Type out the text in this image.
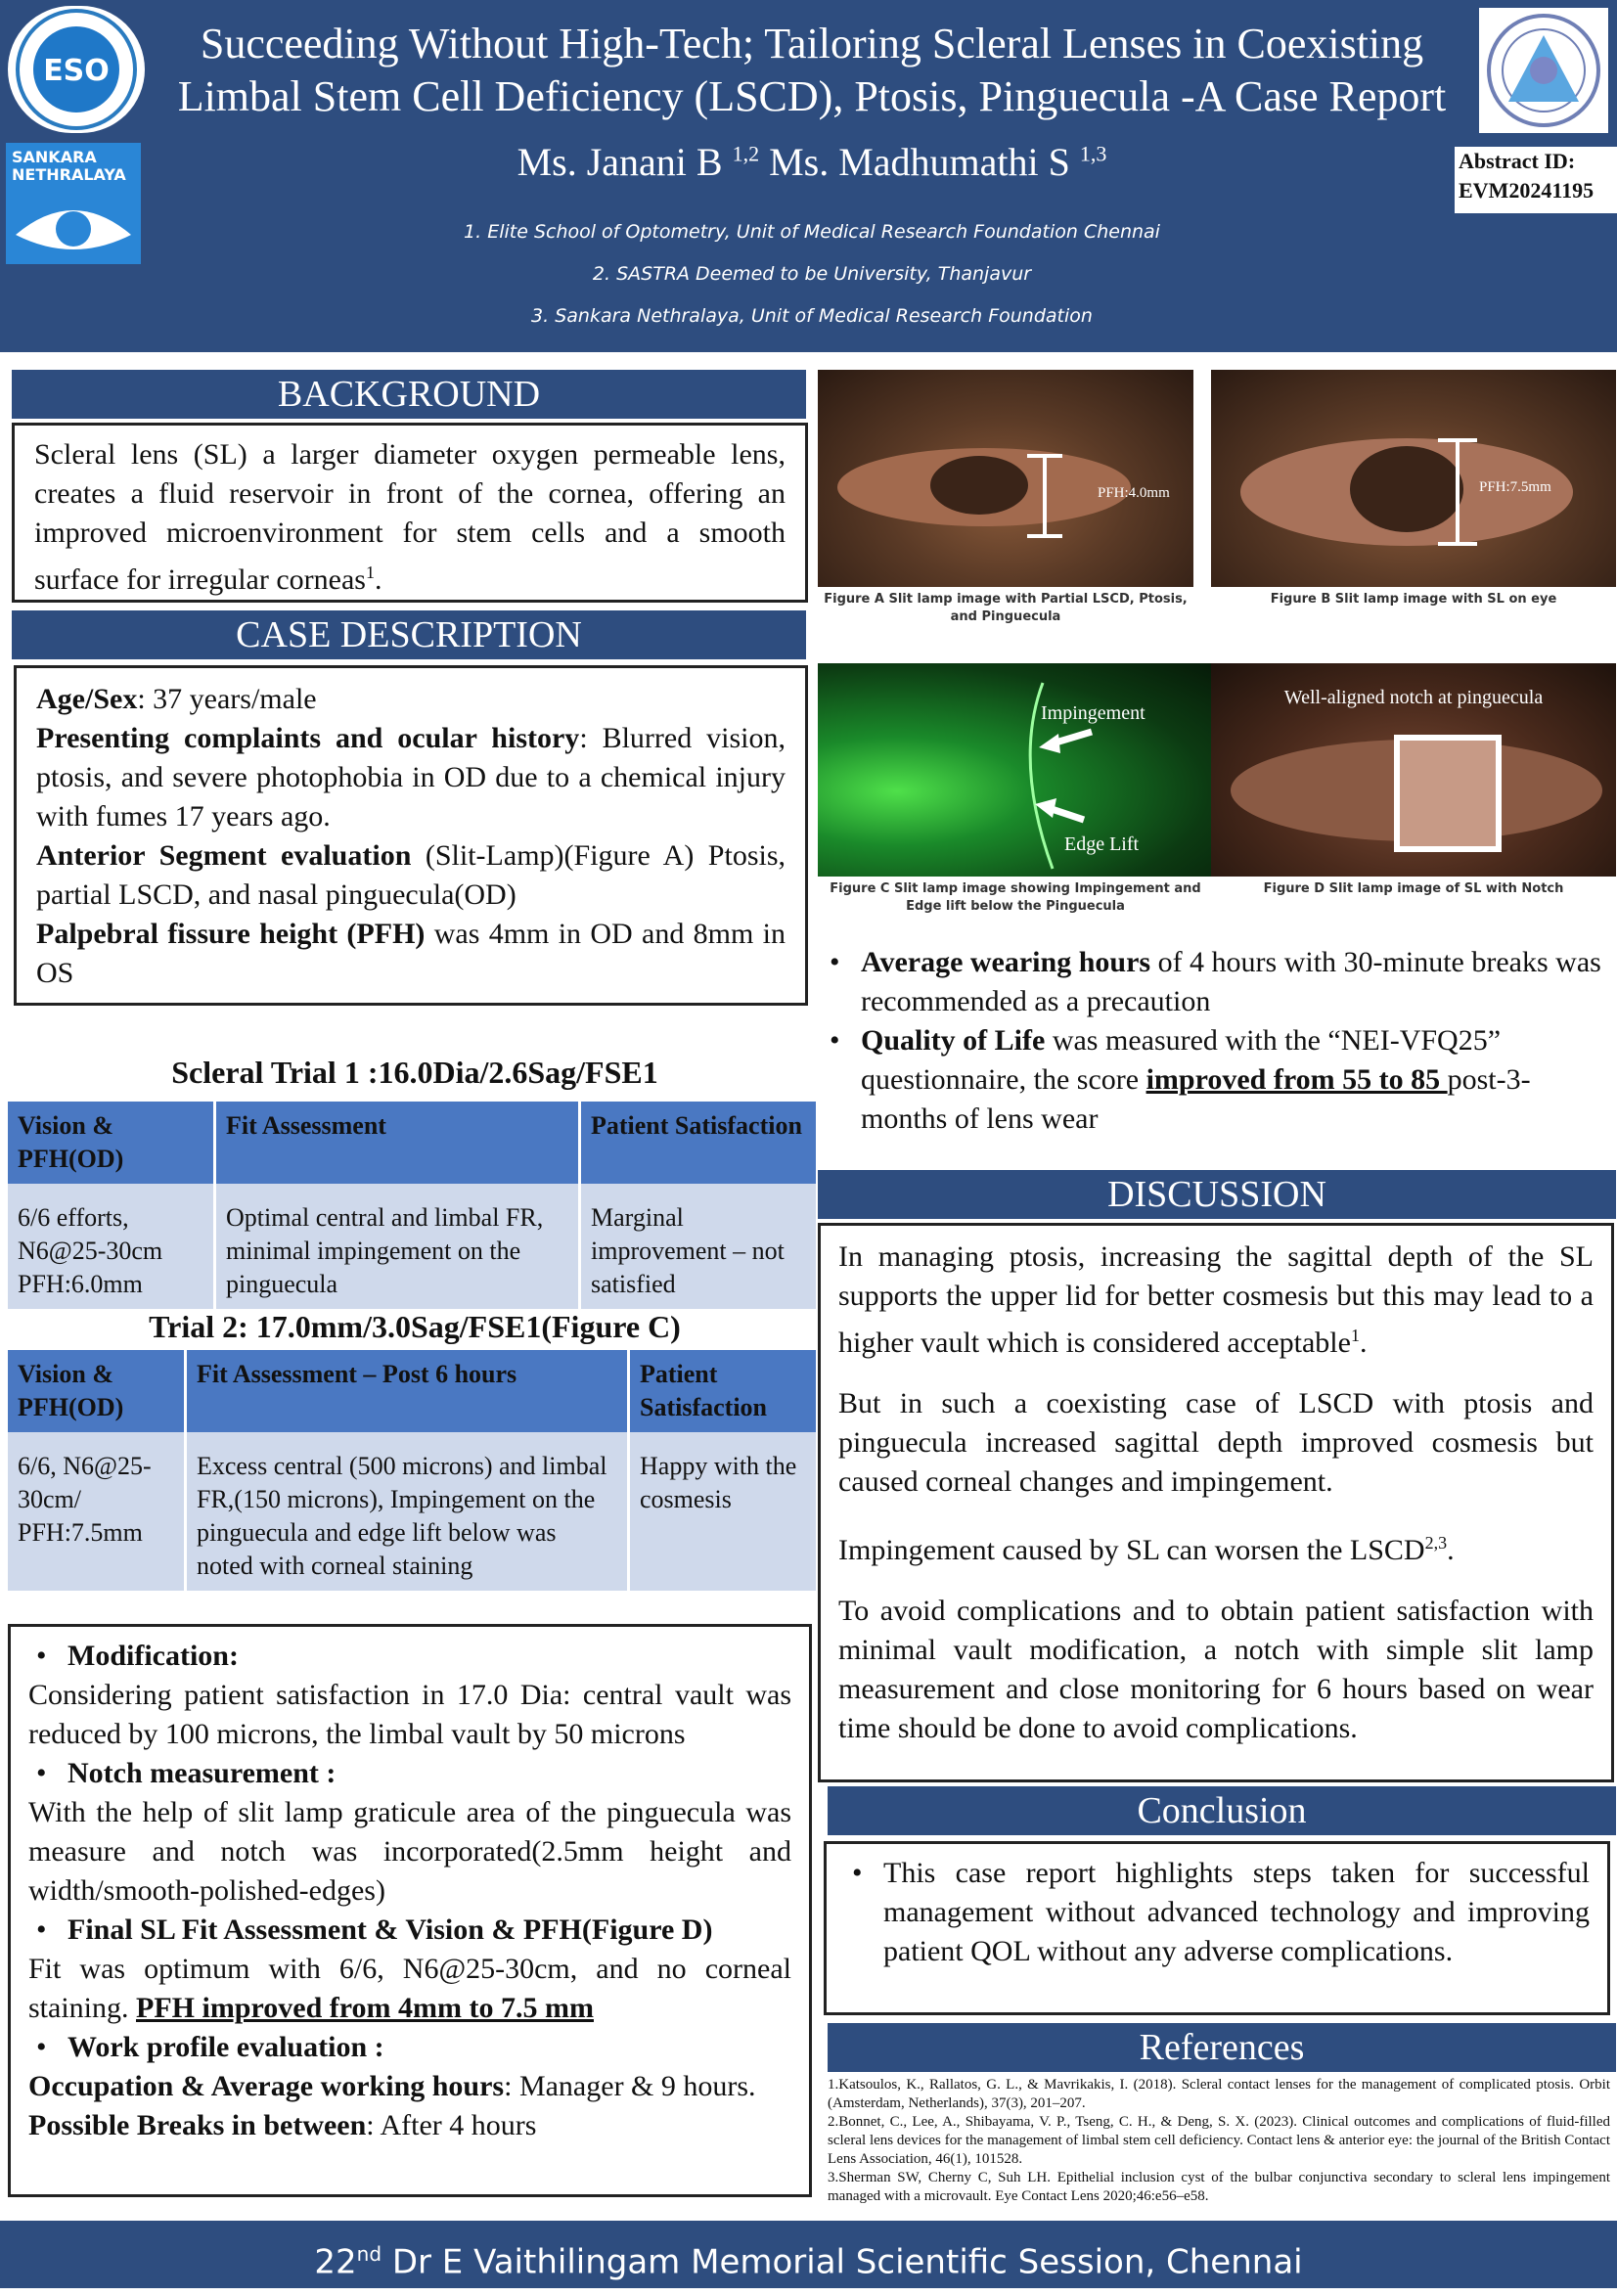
ESO
SANKARA NETHRALAYA
Succeeding Without High-Tech; Tailoring Scleral Lenses in Coexisting
Limbal Stem Cell Deficiency (LSCD), Ptosis, Pinguecula -A Case Report
Ms. Janani B $^{1,2}$ Ms. Madhumathi S $^{1,3}$
1. Elite School of Optometry, Unit of Medical Research Foundation Chennai
2. SASTRA Deemed to be University, Thanjavur
3. Sankara Nethralaya, Unit of Medical Research Foundation
Abstract ID:
EVM20241195
BACKGROUND
Scleral lens (SL) a larger diameter oxygen permeable lens, creates a fluid reservoir in front of the cornea, offering an improved microenvironment for stem cells and a smooth surface for irregular corneas$^1$.
CASE DESCRIPTION

Age/Sex: 37 years/male

Presenting complaints and ocular history: Blurred vision, ptosis, and severe photophobia in OD due to a chemical injury with fumes 17 years ago.

Anterior Segment evaluation (Slit-Lamp)(Figure A) Ptosis, partial LSCD, and nasal pinguecula(OD)

Palpebral fissure height (PFH) was 4mm in OD and 8mm in OS

Scleral Trial 1 :16.0Dia/2.6Sag/FSE1
Vision & PFH(OD)	Fit Assessment	Patient Satisfaction
6/6 efforts, N6@25-30cm PFH:6.0mm	Optimal central and limbal FR, minimal impingement on the pinguecula	Marginal improvement – not satisfied
Trial 2: 17.0mm/3.0Sag/FSE1(Figure C)
Vision & PFH(OD)	Fit Assessment – Post 6 hours	Patient Satisfaction
6/6, N6@25-30cm/ PFH:7.5mm	Excess central (500 microns) and limbal FR,(150 microns), Impingement on the pinguecula and edge lift below was noted with corneal staining	Happy with the cosmesis
• Modification:

Considering patient satisfaction in 17.0 Dia: central vault was reduced by 100 microns, the limbal vault by 50 microns

• Notch measurement :

With the help of slit lamp graticule area of the pinguecula was measure and notch was incorporated(2.5mm height and width/smooth-polished-edges)

• Final SL Fit Assessment & Vision & PFH(Figure D)

Fit was optimum with 6/6, N6@25-30cm, and no corneal staining. PFH improved from 4mm to 7.5 mm

• Work profile evaluation :

Occupation & Average working hours: Manager & 9 hours. Possible Breaks in between: After 4 hours

PFH:4.0mm
Figure A Slit lamp image with Partial LSCD, Ptosis, and Pinguecula
PFH:7.5mm
Figure B Slit lamp image with SL on eye
Impingement
Edge Lift
Figure C Slit lamp image showing Impingement and Edge lift below the Pinguecula
Well-aligned notch at pinguecula
Figure D Slit lamp image of SL with Notch
• Average wearing hours of 4 hours with 30-minute breaks was recommended as a precaution
• Quality of Life was measured with the “NEI-VFQ25” questionnaire, the score improved from 55 to 85 post-3-months of lens wear
DISCUSSION

In managing ptosis, increasing the sagittal depth of the SL supports the upper lid for better cosmesis but this may lead to a higher vault which is considered acceptable$^1$.

But in such a coexisting case of LSCD with ptosis and pinguecula increased sagittal depth improved cosmesis but caused corneal changes and impingement.

Impingement caused by SL can worsen the LSCD$^{2,3}$.

To avoid complications and to obtain patient satisfaction with minimal vault modification, a notch with simple slit lamp measurement and close monitoring for 6 hours based on wear time should be done to avoid complications.

Conclusion
• This case report highlights steps taken for successful management without advanced technology and improving patient QOL without any adverse complications.
References
1.Katsoulos, K., Rallatos, G. L., & Mavrikakis, I. (2018). Scleral contact lenses for the management of complicated ptosis. Orbit (Amsterdam, Netherlands), 37(3), 201–207.
2.Bonnet, C., Lee, A., Shibayama, V. P., Tseng, C. H., & Deng, S. X. (2023). Clinical outcomes and complications of fluid-filled scleral lens devices for the management of limbal stem cell deficiency. Contact lens & anterior eye: the journal of the British Contact Lens Association, 46(1), 101528.
3.Sherman SW, Cherny C, Suh LH. Epithelial inclusion cyst of the bulbar conjunctiva secondary to scleral lens impingement managed with a microvault. Eye Contact Lens 2020;46:e56–e58.
22nd Dr E Vaithilingam Memorial Scientific Session, Chennai
